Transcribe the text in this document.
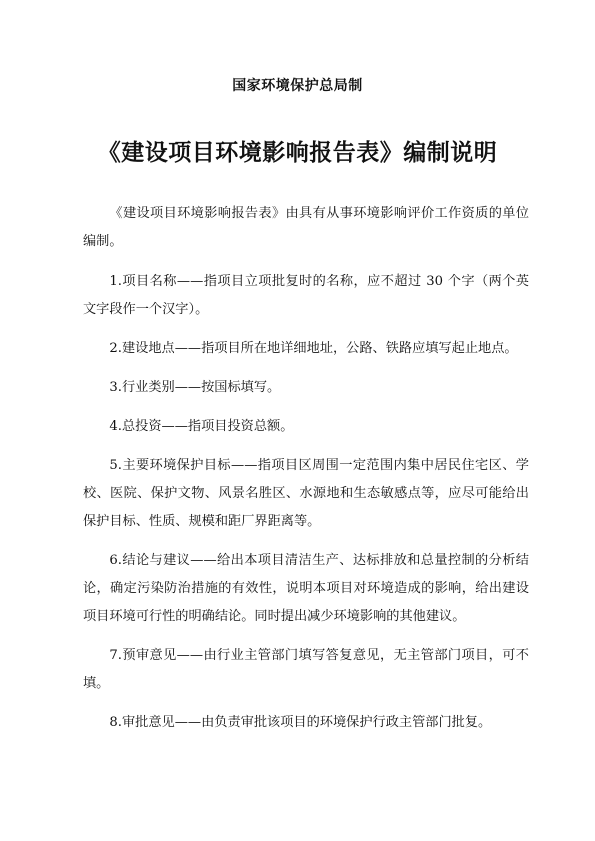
国家环境保护总局制
《建设项目环境影响报告表》编制说明

《建设项目环境影响报告表》由具有从事环境影响评价工作资质的单位编制。

1.项目名称——指项目立项批复时的名称，应不超过 30 个字（两个英文字段作一个汉字）。

2.建设地点——指项目所在地详细地址，公路、铁路应填写起止地点。

3.行业类别——按国标填写。

4.总投资——指项目投资总额。

5.主要环境保护目标——指项目区周围一定范围内集中居民住宅区、学校、医院、保护文物、风景名胜区、水源地和生态敏感点等，应尽可能给出保护目标、性质、规模和距厂界距离等。

6.结论与建议——给出本项目清洁生产、达标排放和总量控制的分析结论，确定污染防治措施的有效性，说明本项目对环境造成的影响，给出建设项目环境可行性的明确结论。同时提出减少环境影响的其他建议。

7.预审意见——由行业主管部门填写答复意见，无主管部门项目，可不填。

8.审批意见——由负责审批该项目的环境保护行政主管部门批复。
